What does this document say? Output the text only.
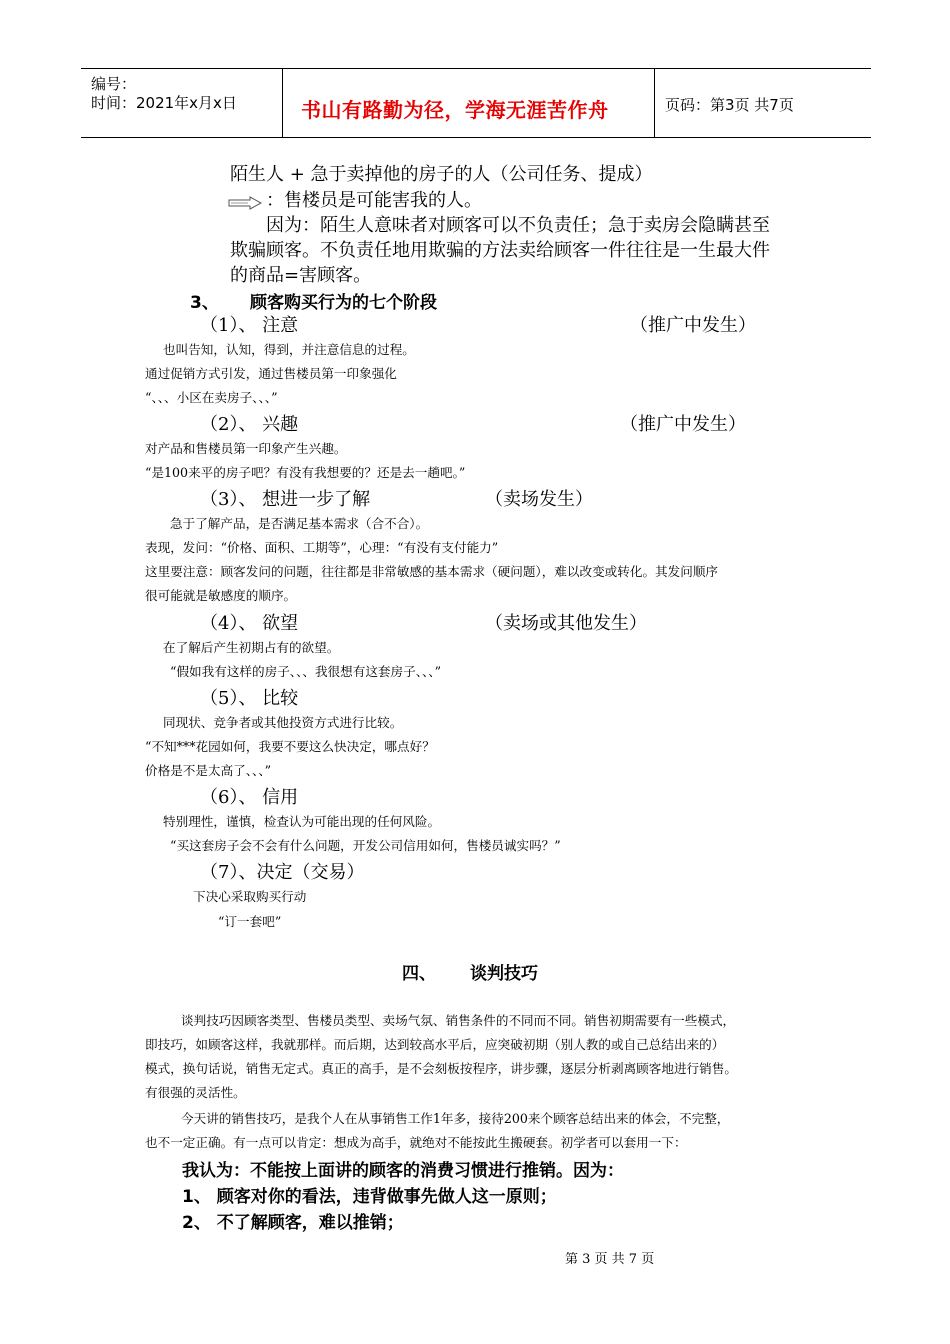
编号：
时间：2021年x月x日	书山有路勤为径，学海无涯苦作舟	页码：第3页 共7页
陌生人 + 急于卖掉他的房子的人（公司任务、提成）
：售楼员是可能害我的人。
因为：陌生人意味者对顾客可以不负责任；急于卖房会隐瞒甚至
欺骗顾客。不负责任地用欺骗的方法卖给顾客一件往往是一生最大件
的商品=害顾客。
3、 顾客购买行为的七个阶段
（1）、 注意	（推广中发生）
也叫告知，认知，得到，并注意信息的过程。
通过促销方式引发，通过售楼员第一印象强化
“、、、小区在卖房子、、、”
（2）、 兴趣	（推广中发生）
对产品和售楼员第一印象产生兴趣。
“是100来平的房子吧？有没有我想要的？还是去一趟吧。”
（3）、 想进一步了解	（卖场发生）
急于了解产品，是否满足基本需求（合不合）。
表现，发问：“价格、面积、工期等”，心理：“有没有支付能力”
这里要注意：顾客发问的问题，往往都是非常敏感的基本需求（硬问题），难以改变或转化。其发问顺序
很可能就是敏感度的顺序。
（4）、 欲望	（卖场或其他发生）
在了解后产生初期占有的欲望。
“假如我有这样的房子、、、我很想有这套房子、、、”
（5）、 比较
同现状、竞争者或其他投资方式进行比较。
“不知***花园如何，我要不要这么快决定，哪点好？
价格是不是太高了、、、”
（6）、 信用
特别理性，谨慎，检查认为可能出现的任何风险。
“买这套房子会不会有什么问题，开发公司信用如何，售楼员诚实吗？”
（7）、决定（交易）
下决心采取购买行动
“订一套吧”
四、 谈判技巧
谈判技巧因顾客类型、售楼员类型、卖场气氛、销售条件的不同而不同。销售初期需要有一些模式，
即技巧，如顾客这样，我就那样。而后期，达到较高水平后，应突破初期（别人教的或自己总结出来的）
模式，换句话说，销售无定式。真正的高手，是不会刻板按程序，讲步骤，逐层分析剥离顾客地进行销售。
有很强的灵活性。
今天讲的销售技巧，是我个人在从事销售工作1年多，接待200来个顾客总结出来的体会，不完整，
也不一定正确。有一点可以肯定：想成为高手，就绝对不能按此生搬硬套。初学者可以套用一下：
我认为：不能按上面讲的顾客的消费习惯进行推销。因为：
1、 顾客对你的看法，违背做事先做人这一原则；
2、 不了解顾客，难以推销；
第 3 页 共 7 页
